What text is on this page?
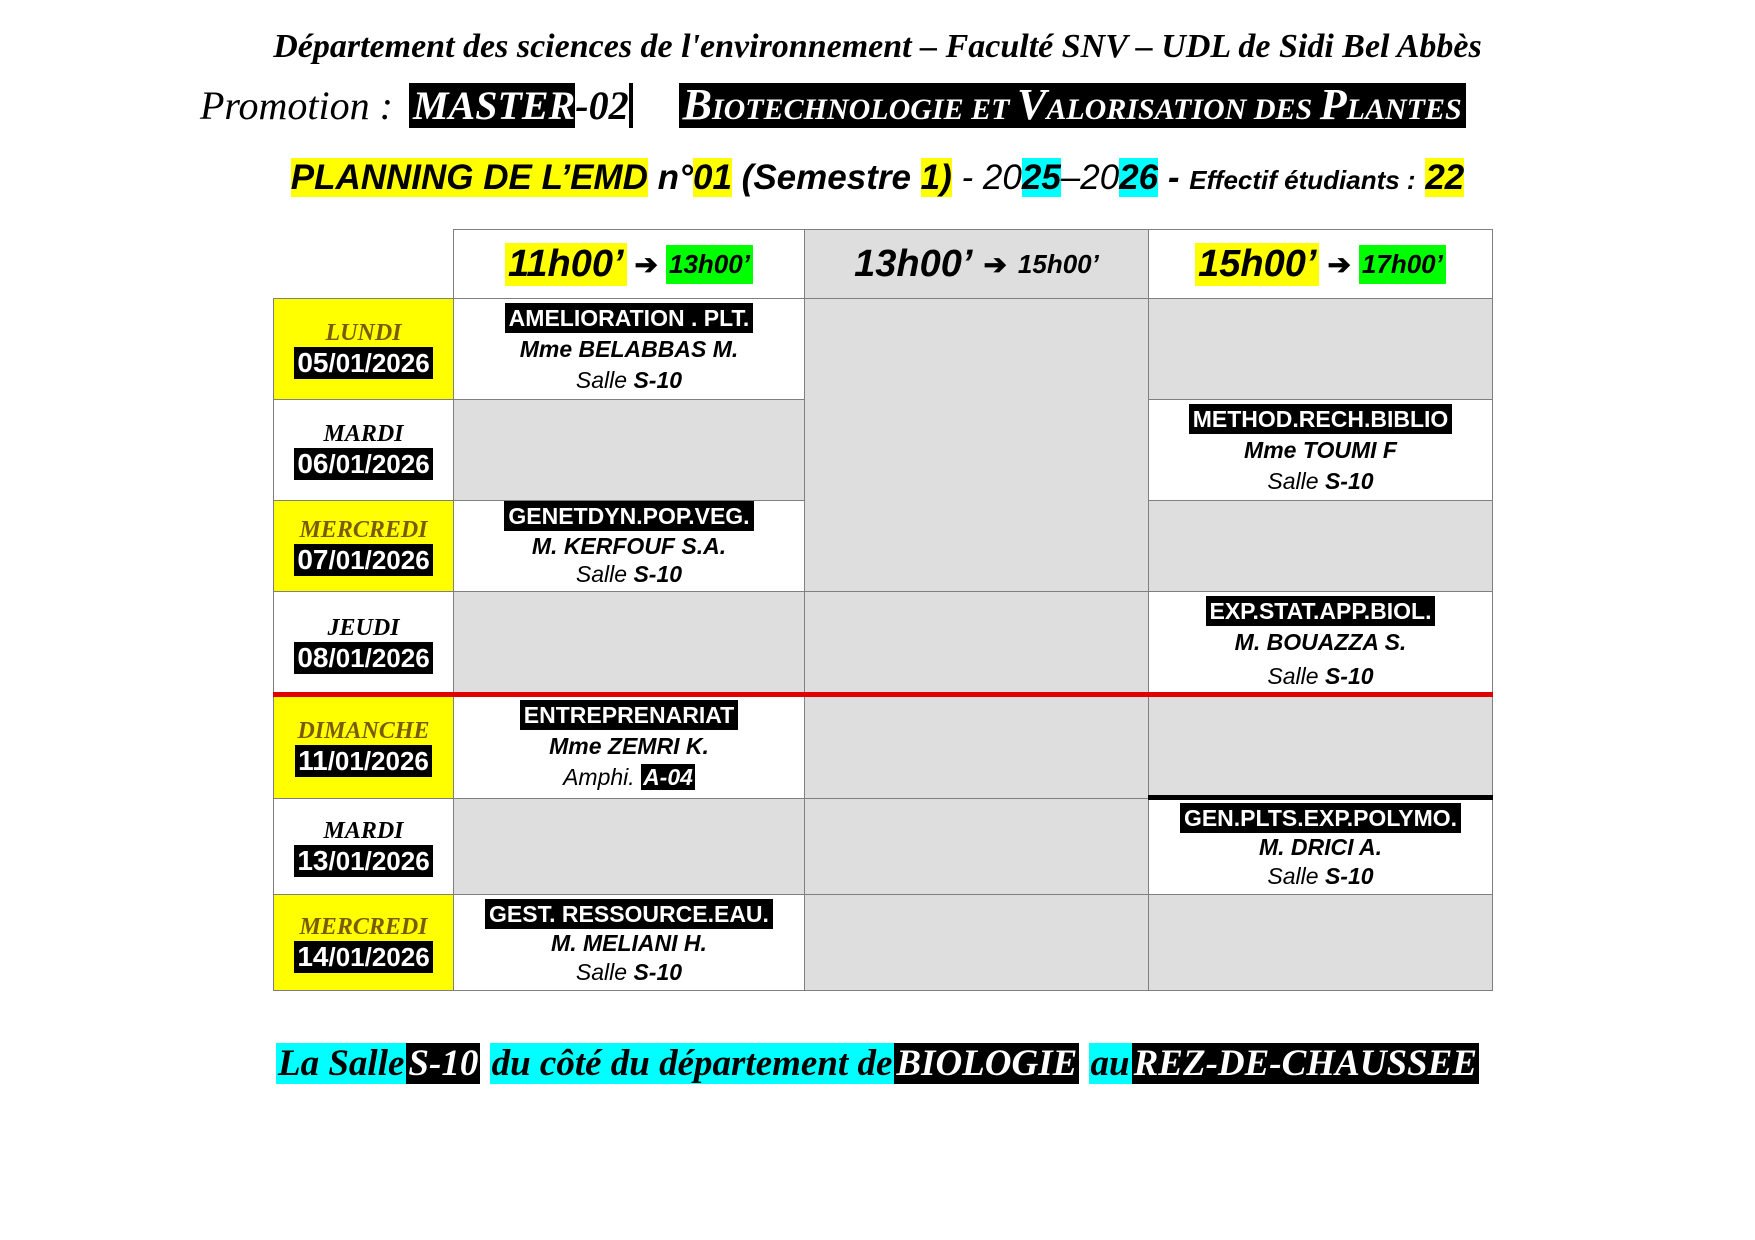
Département des sciences de l'environnement – Faculté SNV – UDL de Sidi Bel Abbès
Promotion : MASTER-02 BIOTECHNOLOGIE ET VALORISATION DES PLANTES
PLANNING DE L’EMD n°01 (Semestre 1) - 2025–2026 - Effectif étudiants : 22
11h00’ ➔ 13h00’	13h00’ ➔ 15h00’	15h00’ ➔ 17h00’
LUNDI
05/01/2026
MARDI
06/01/2026
MERCREDI
07/01/2026
JEUDI
08/01/2026
DIMANCHE
11/01/2026
MARDI
13/01/2026
MERCREDI
14/01/2026
AMELIORATION . PLT.
Mme BELABBAS M.
Salle S-10
GENETDYN.POP.VEG.
M. KERFOUF S.A.
Salle S-10
ENTREPRENARIAT
Mme ZEMRI K.
Amphi. A-04
GEST. RESSOURCE.EAU.
M. MELIANI H.
Salle S-10
METHOD.RECH.BIBLIO
Mme TOUMI F
Salle S-10
EXP.STAT.APP.BIOL.
M. BOUAZZA S.
Salle S-10
GEN.PLTS.EXP.POLYMO.
M. DRICI A.
Salle S-10
La Salle S-10 du côté du département de BIOLOGIE au REZ-DE-CHAUSSEE
